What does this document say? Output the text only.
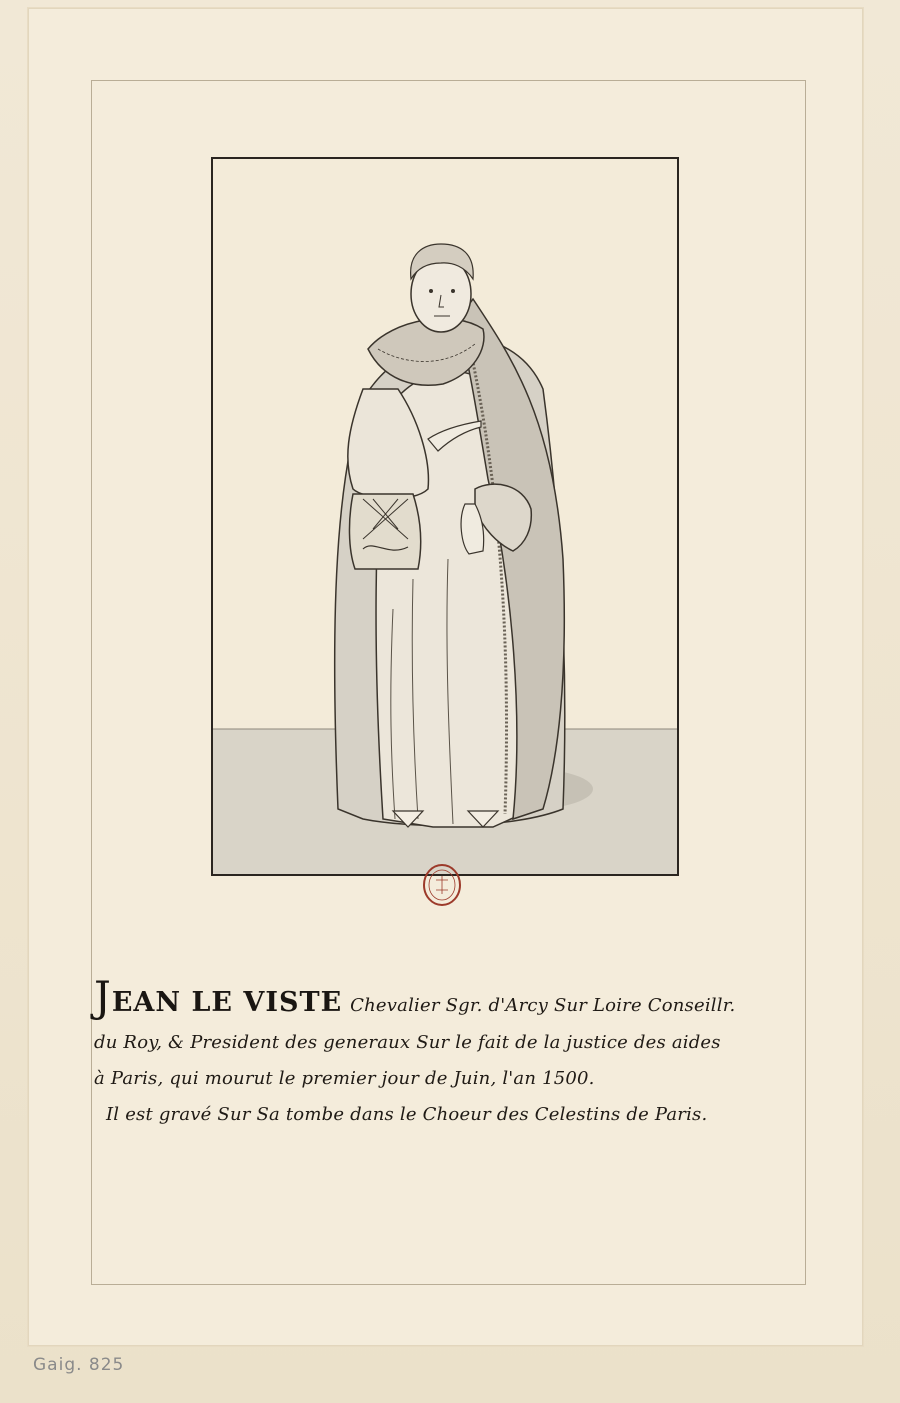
JEAN LE VISTE Chevalier Sgr. d'Arcy Sur Loire Conseillr.
du Roy, & President des generaux Sur le fait de la justice des aides
à Paris, qui mourut le premier jour de Juin, l'an 1500.
Il est gravé Sur Sa tombe dans le Choeur des Celestins de Paris.
Gaig. 825
